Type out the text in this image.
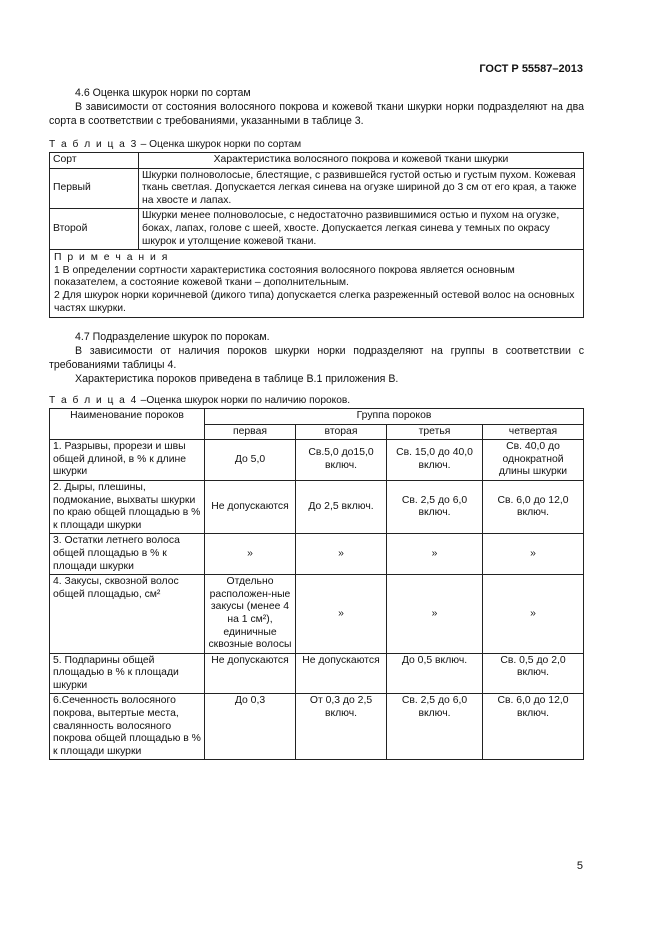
ГОСТ Р 55587–2013

4.6 Оценка шкурок норки по сортам

В зависимости от состояния волосяного покрова и кожевой ткани шкурки норки подразделяют на два сорта в соответствии с требованиями, указанными в таблице 3.

Т а б л и ц а 3 – Оценка шкурок норки по сортам

Сорт	Характеристика волосяного покрова и кожевой ткани шкурки
Первый	Шкурки полноволосые, блестящие, с развившейся густой остью и густым пухом. Кожевая ткань светлая. Допускается легкая синева на огузке шириной до 3 см от его края, а также на хвосте и лапах.
Второй	Шкурки менее полноволосые, с недостаточно развившимися остью и пухом на огузке, боках, лапах, голове с шеей, хвосте. Допускается легкая синева у темных по окрасу шкурок и утолщение кожевой ткани.

П р и м е ч а н и я
1 В определении сортности характеристика состояния волосяного покрова является основным показателем, а состояние кожевой ткани – дополнительным.
2 Для шкурок норки коричневой (дикого типа) допускается слегка разреженный остевой волос на основных частях шкурки.	

4.7 Подразделение шкурок по порокам.

В зависимости от наличия пороков шкурки норки подразделяют на группы в соответствии с требованиями таблицы 4.

Характеристика пороков приведена в таблице В.1 приложения В.

Т а б л и ц а 4 –Оценка шкурок норки по наличию пороков.

Наименование пороков	Группа пороков			
	первая	вторая	третья	четвертая
1. Разрывы, прорези и швы общей длиной, в % к длине шкурки	До 5,0	Св.5,0 до15,0 включ.	Св. 15,0 до 40,0 включ.	Св. 40,0 до однократной длины шкурки
2. Дыры, плешины, подмокание, выхваты шкурки по краю общей площадью в % к площади шкурки	Не допускаются	До 2,5 включ.	Св. 2,5 до 6,0 включ.	Св. 6,0 до 12,0 включ.
3. Остатки летнего волоса общей площадью в % к площади шкурки	»	»	»	»
4. Закусы, сквозной волос общей площадью, см²	Отдельно расположен-ные закусы (менее 4 на 1 см²), единичные сквозные волосы	»	»	»
5. Подпарины общей площадью в % к площади шкурки	Не допускаются	Не допускаются	До 0,5 включ.	Св. 0,5 до 2,0 включ.
6.Сеченность волосяного покрова, вытертые места, свалянность волосяного покрова общей площадью в % к площади шкурки	До 0,3	От 0,3 до 2,5 включ.	Св. 2,5 до 6,0 включ.	Св. 6,0 до 12,0 включ.
5
